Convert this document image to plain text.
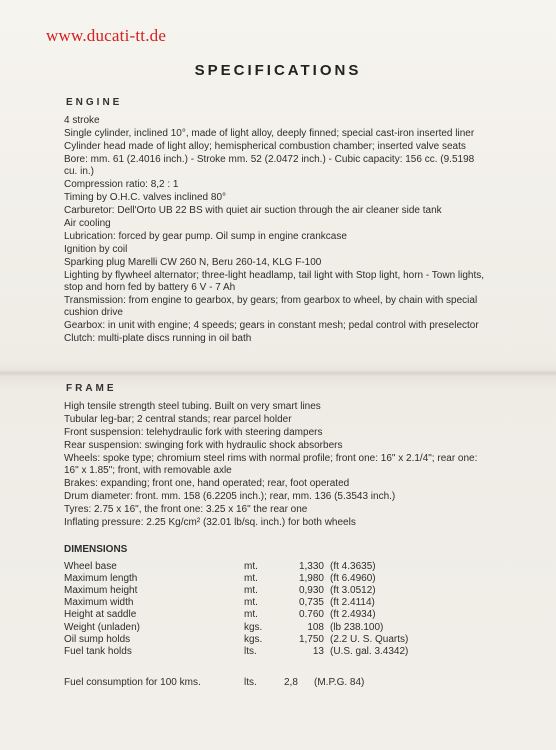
www.ducati-tt.de
SPECIFICATIONS
ENGINE

4 stroke

Single cylinder, inclined 10°, made of light alloy, deeply finned; special cast-iron inserted liner

Cylinder head made of light alloy; hemispherical combustion chamber; inserted valve seats

Bore: mm. 61 (2.4016 inch.) - Stroke mm. 52 (2.0472 inch.) - Cubic capacity: 156 cc. (9.5198 cu. in.)

Compression ratio: 8,2 : 1

Timing by O.H.C. valves inclined 80°

Carburetor: Dell'Orto UB 22 BS with quiet air suction through the air cleaner side tank

Air cooling

Lubrication: forced by gear pump. Oil sump in engine crankcase

Ignition by coil

Sparking plug Marelli CW 260 N, Beru 260-14, KLG F-100

Lighting by flywheel alternator; three-light headlamp, tail light with Stop light, horn - Town lights, stop and horn fed by battery 6 V - 7 Ah

Transmission: from engine to gearbox, by gears; from gearbox to wheel, by chain with special cushion drive

Gearbox: in unit with engine; 4 speeds; gears in constant mesh; pedal control with preselector

Clutch: multi-plate discs running in oil bath

FRAME

High tensile strength steel tubing. Built on very smart lines

Tubular leg-bar; 2 central stands; rear parcel holder

Front suspension: telehydraulic fork with steering dampers

Rear suspension: swinging fork with hydraulic shock absorbers

Wheels: spoke type; chromium steel rims with normal profile; front one: 16" x 2.1/4"; rear one: 16" x 1.85"; front, with removable axle

Brakes: expanding; front one, hand operated; rear, foot operated

Drum diameter: front. mm. 158 (6.2205 inch.); rear, mm. 136 (5.3543 inch.)

Tyres: 2.75 x 16", the front one: 3.25 x 16" the rear one

Inflating pressure: 2.25 Kg/cm² (32.01 lb/sq. inch.) for both wheels

DIMENSIONS
Wheel base	mt.	1,330	(ft 4.3635)
Maximum length	mt.	1,980	(ft 6.4960)
Maximum height	mt.	0,930	(ft 3.0512)
Maximum width	mt.	0,735	(ft 2.4114)
Height at saddle	mt.	0.760	(ft 2.4934)
Weight (unladen)	kgs.	108	(lb 238.100)
Oil sump holds	kgs.	1,750	(2.2 U. S. Quarts)
Fuel tank holds	lts.	13	(U.S. gal. 3.4342)
Fuel consumption for 100 kms.	lts.	2,8 (M.P.G. 84)
